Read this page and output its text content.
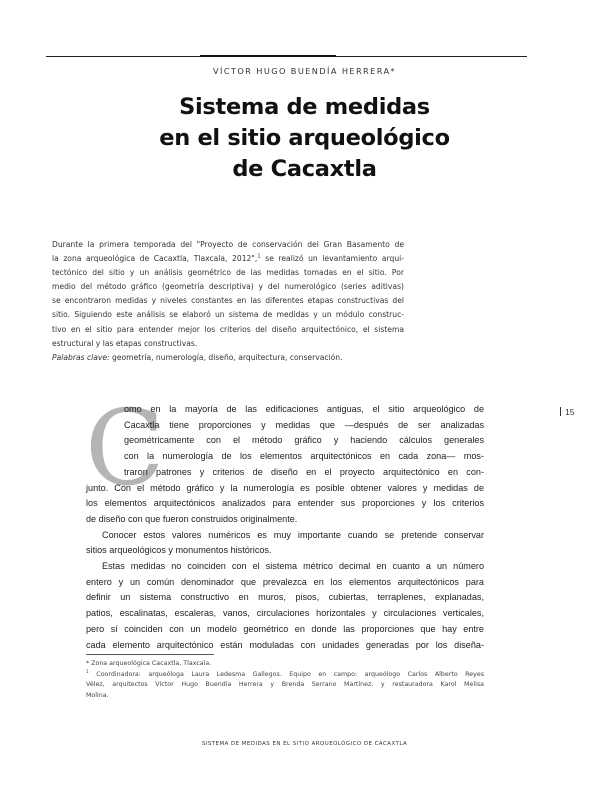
VÍCTOR HUGO BUENDÍA HERRERA*
Sistema de medidas
en el sitio arqueológico
de Cacaxtla
Durante la primera temporada del "Proyecto de conservación del Gran Basamento de
la zona arqueológica de Cacaxtla, Tlaxcala, 2012",$^1$ se realizó un levantamiento arqui-
tectónico del sitio y un análisis geométrico de las medidas tomadas en el sitio. Por
medio del método gráfico (geometría descriptiva) y del numerológico (series aditivas)
se encontraron medidas y niveles constantes en las diferentes etapas constructivas del
sitio. Siguiendo este análisis se elaboró un sistema de medidas y un módulo construc-
tivo en el sitio para entender mejor los criterios del diseño arquitectónico, el sistema
estructural y las etapas constructivas.
Palabras clave: geometría, numerología, diseño, arquitectura, conservación.
C	15
omo en la mayoría de las edificaciones antiguas, el sitio arqueológico de
Cacaxtla tiene proporciones y medidas que —después de ser analizadas
geométricamente con el método gráfico y haciendo cálculos generales
con la numerología de los elementos arquitectónicos en cada zona— mos-
traron patrones y criterios de diseño en el proyecto arquitectónico en con-
junto. Con el método gráfico y la numerología es posible obtener valores y medidas de
los elementos arquitectónicos analizados para entender sus proporciones y los criterios
de diseño con que fueron construidos originalmente.
Conocer estos valores numéricos es muy importante cuando se pretende conservar
sitios arqueológicos y monumentos históricos.
Estas medidas no coinciden con el sistema métrico decimal en cuanto a un número
entero y un común denominador que prevalezca en los elementos arquitectónicos para
definir un sistema constructivo en muros, pisos, cubiertas, terraplenes, explanadas,
patios, escalinatas, escaleras, vanos, circulaciones horizontales y circulaciones verticales,
pero sí coinciden con un modelo geométrico en donde las proporciones que hay entre
cada elemento arquitectónico están moduladas con unidades generadas por los diseña-
* Zona arqueológica Cacaxtla, Tlaxcala.
$^1$ Coordinadora: arqueóloga Laura Ledesma Gallegos. Equipo en campo: arqueólogo Carlos Alberto Reyes
Vélez, arquitectos Víctor Hugo Buendía Herrera y Brenda Serrano Martínez, y restauradora Karol Melisa
Molina.
SISTEMA DE MEDIDAS EN EL SITIO ARQUEOLÓGICO DE CACAXTLA
